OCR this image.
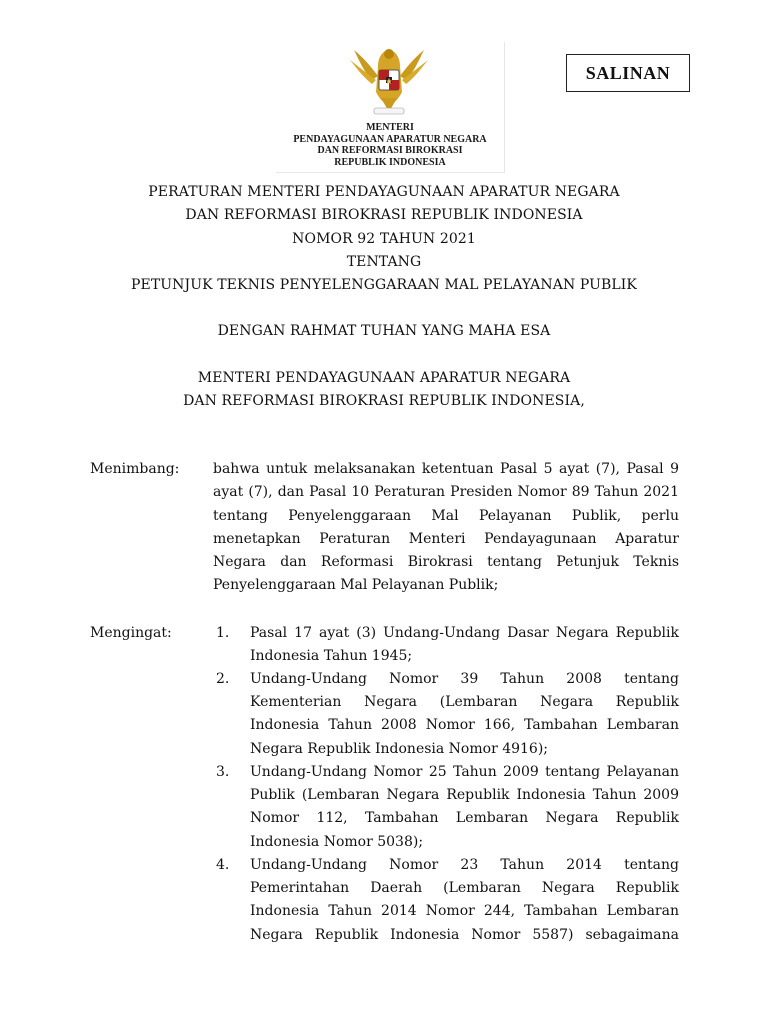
MENTERI
PENDAYAGUNAAN APARATUR NEGARA
DAN REFORMASI BIROKRASI
REPUBLIK INDONESIA
SALINAN
PERATURAN MENTERI PENDAYAGUNAAN APARATUR NEGARA
DAN REFORMASI BIROKRASI REPUBLIK INDONESIA
NOMOR 92 TAHUN 2021
TENTANG
PETUNJUK TEKNIS PENYELENGGARAAN MAL PELAYANAN PUBLIK
DENGAN RAHMAT TUHAN YANG MAHA ESA
MENTERI PENDAYAGUNAAN APARATUR NEGARA
DAN REFORMASI BIROKRASI REPUBLIK INDONESIA,
Menimbang: bahwa untuk melaksanakan ketentuan Pasal 5 ayat (7), Pasal 9 ayat (7), dan Pasal 10 Peraturan Presiden Nomor 89 Tahun 2021 tentang Penyelenggaraan Mal Pelayanan Publik, perlu menetapkan Peraturan Menteri Pendayagunaan Aparatur Negara dan Reformasi Birokrasi tentang Petunjuk Teknis Penyelenggaraan Mal Pelayanan Publik;
Mengingat:	1. Pasal 17 ayat (3) Undang-Undang Dasar Negara Republik Indonesia Tahun 1945;
2. Undang-Undang Nomor 39 Tahun 2008 tentang Kementerian Negara (Lembaran Negara Republik Indonesia Tahun 2008 Nomor 166, Tambahan Lembaran Negara Republik Indonesia Nomor 4916);
3. Undang-Undang Nomor 25 Tahun 2009 tentang Pelayanan Publik (Lembaran Negara Republik Indonesia Tahun 2009 Nomor 112, Tambahan Lembaran Negara Republik Indonesia Nomor 5038);
4. Undang-Undang Nomor 23 Tahun 2014 tentang Pemerintahan Daerah (Lembaran Negara Republik Indonesia Tahun 2014 Nomor 244, Tambahan Lembaran Negara Republik Indonesia Nomor 5587) sebagaimana
